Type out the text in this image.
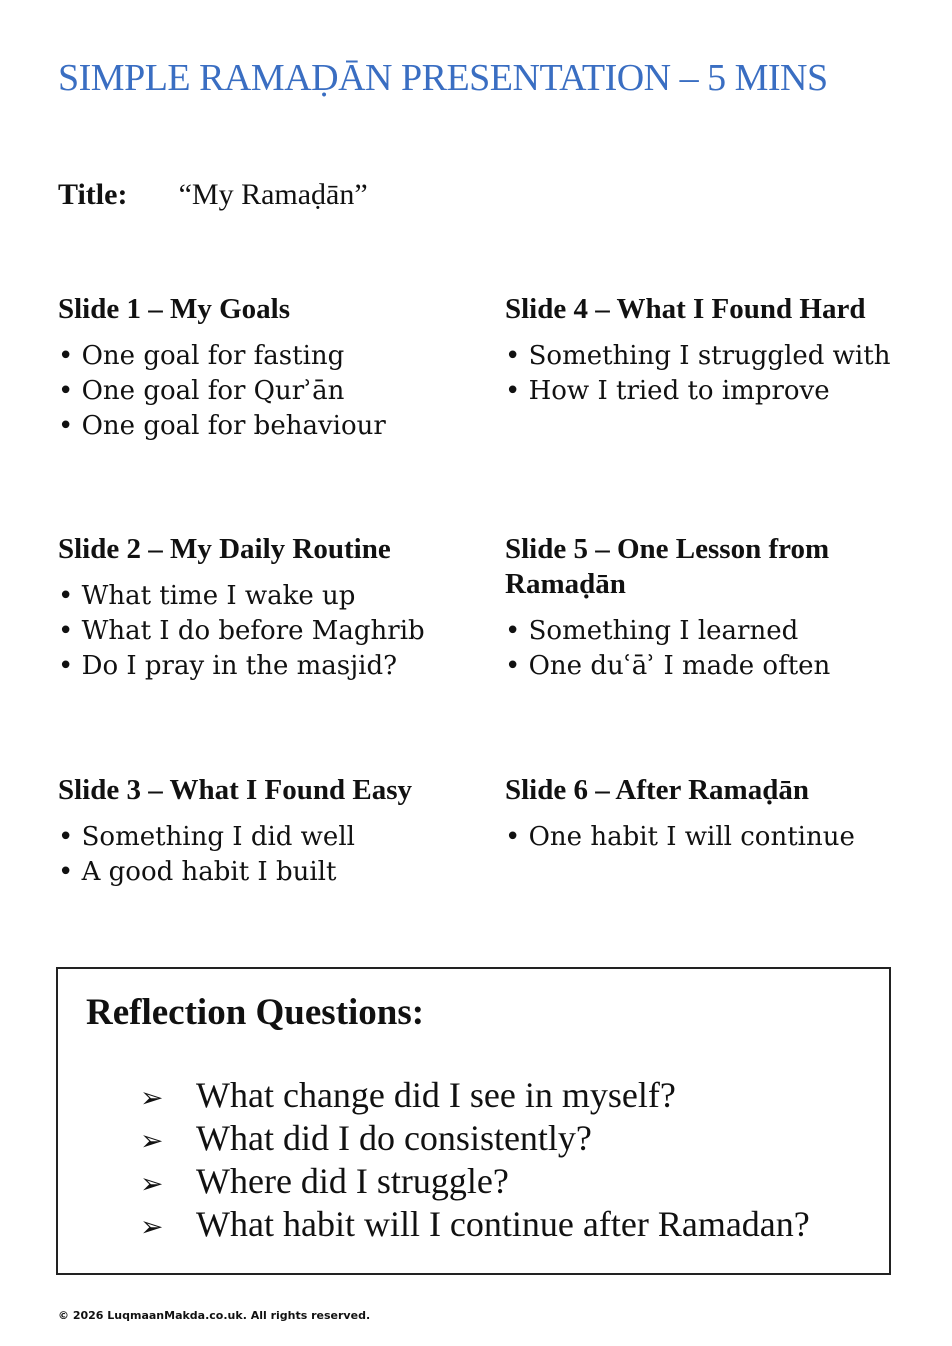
SIMPLE RAMAḌĀN PRESENTATION – 5 MINS
Title: “My Ramaḍān”
Slide 1 – My Goals
• One goal for fasting
• One goal for Qurʾān
• One goal for behaviour
Slide 2 – My Daily Routine
• What time I wake up
• What I do before Maghrib
• Do I pray in the masjid?
Slide 3 – What I Found Easy
• Something I did well
• A good habit I built
Slide 4 – What I Found Hard
• Something I struggled with
• How I tried to improve
Slide 5 – One Lesson from Ramaḍān
• Something I learned
• One duʿāʾ I made often
Slide 6 – After Ramaḍān
• One habit I will continue
Reflection Questions:
➢ What change did I see in myself?
➢ What did I do consistently?
➢ Where did I struggle?
➢ What habit will I continue after Ramadan?
© 2026 LuqmaanMakda.co.uk. All rights reserved.
